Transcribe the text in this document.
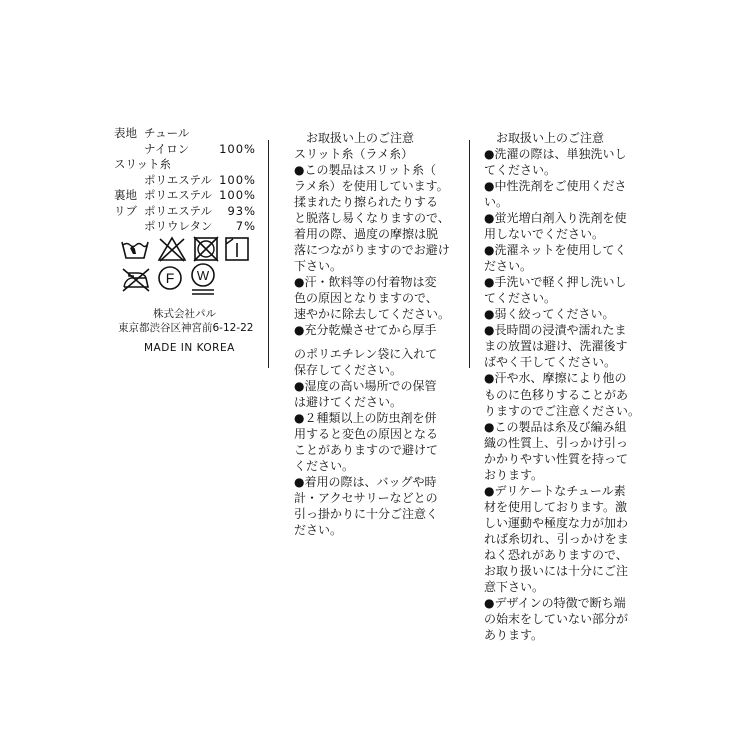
表地 チュール
ナイロン	100%
スリット糸
ポリエステル 100%
裏地 ポリエステル 100%
リブ ポリエステル 93%
ポリウレタン 7%
F W
株式会社パル
東京都渋谷区神宮前6-12-22
MADE IN KOREA
　お取扱い上のご注意
スリット糸（ラメ糸）
●この製品はスリット糸（
ラメ糸）を使用しています。
揉まれたり擦られたりする
と脱落し易くなりますので、
着用の際、過度の摩擦は脱
落につながりますのでお避け
下さい。
●汗・飲料等の付着物は変
色の原因となりますので、
速やかに除去してください。
●充分乾燥させてから厚手
のポリエチレン袋に入れて
保存してください。
●湿度の高い場所での保管
は避けてください。
●２種類以上の防虫剤を併
用すると変色の原因となる
ことがありますので避けて
ください。
●着用の際は、バッグや時
計・アクセサリーなどとの
引っ掛かりに十分ご注意く
ださい。
　お取扱い上のご注意
●洗濯の際は、単独洗いし
てください。
●中性洗剤をご使用くださ
い。
●蛍光増白剤入り洗剤を使
用しないでください。
●洗濯ネットを使用してく
ださい。
●手洗いで軽く押し洗いし
てください。
●弱く絞ってください。
●長時間の浸漬や濡れたま
まの放置は避け、洗濯後す
ばやく干してください。
●汗や水、摩擦により他の
ものに色移りすることがあ
りますのでご注意ください。
●この製品は糸及び編み組
織の性質上、引っかけ引っ
かかりやすい性質を持って
おります。
●デリケートなチュール素
材を使用しております。激
しい運動や極度な力が加わ
れば糸切れ、引っかけをま
ねく恐れがありますので、
お取り扱いには十分にご注
意下さい。
●デザインの特徴で断ち端
の始末をしていない部分が
あります。
